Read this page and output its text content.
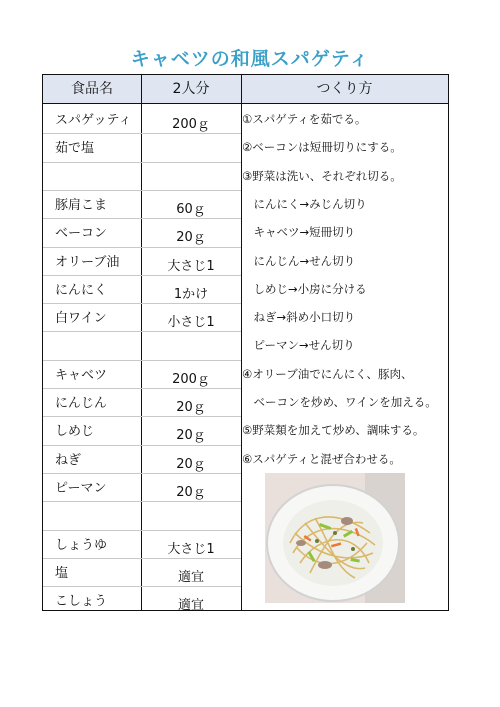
キャベツの和風スパゲティ
食品名	2人分	つくり方
スパゲッティ	200ｇ
茹で塩
豚肩こま	60ｇ
ベーコン	20ｇ
オリーブ油	大さじ1
にんにく	1かけ
白ワイン	小さじ1
キャベツ	200ｇ
にんじん	20ｇ
しめじ	20ｇ
ねぎ	20ｇ
ピーマン	20ｇ
しょうゆ	大さじ1
塩	適宜
こしょう	適宜
①スパゲティを茹でる。
②ベーコンは短冊切りにする。
③野菜は洗い、それぞれ切る。
　にんにく→みじん切り
　キャベツ→短冊切り
　にんじん→せん切り
　しめじ→小房に分ける
　ねぎ→斜め小口切り
　ピーマン→せん切り
④オリーブ油でにんにく、豚肉、
　ベーコンを炒め、ワインを加える。
⑤野菜類を加えて炒め、調味する。
⑥スパゲティと混ぜ合わせる。
